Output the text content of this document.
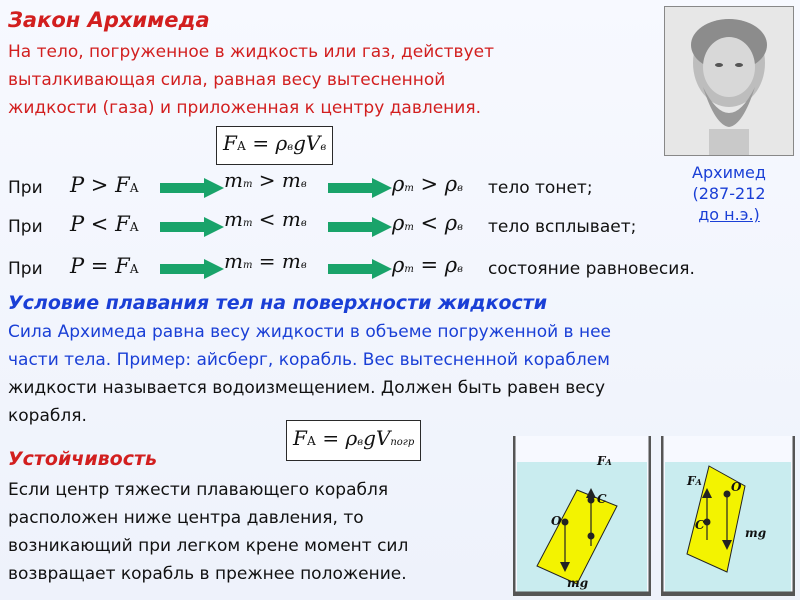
Закон Архимеда
На тело, погруженное в жидкость или газ, действует
выталкивающая сила, равная весу вытесненной
жидкости (газа) и приложенная к центру давления.
FА = ρвgVв
При P > FА	mт > mв	ρт > ρв тело тонет;
При P < FА	mт < mв	ρт < ρв тело всплывает;
При P = FА	mт = mв	ρт = ρв состояние равновесия.
Архимед
(287-212
до н.э.)
Условие плавания тел на поверхности жидкости
Сила Архимеда равна весу жидкости в объеме погруженной в нее
части тела. Пример: айсберг, корабль. Вес вытесненной кораблем
жидкости называется водоизмещением. Должен быть равен весу
корабля.
FА = ρвgVпогр
Устойчивость
Если центр тяжести плавающего корабля
расположен ниже центра давления, то
возникающий при легком крене момент сил
возвращает корабль в прежнее положение.
FA
C
O
mg
FA O
C
mg
